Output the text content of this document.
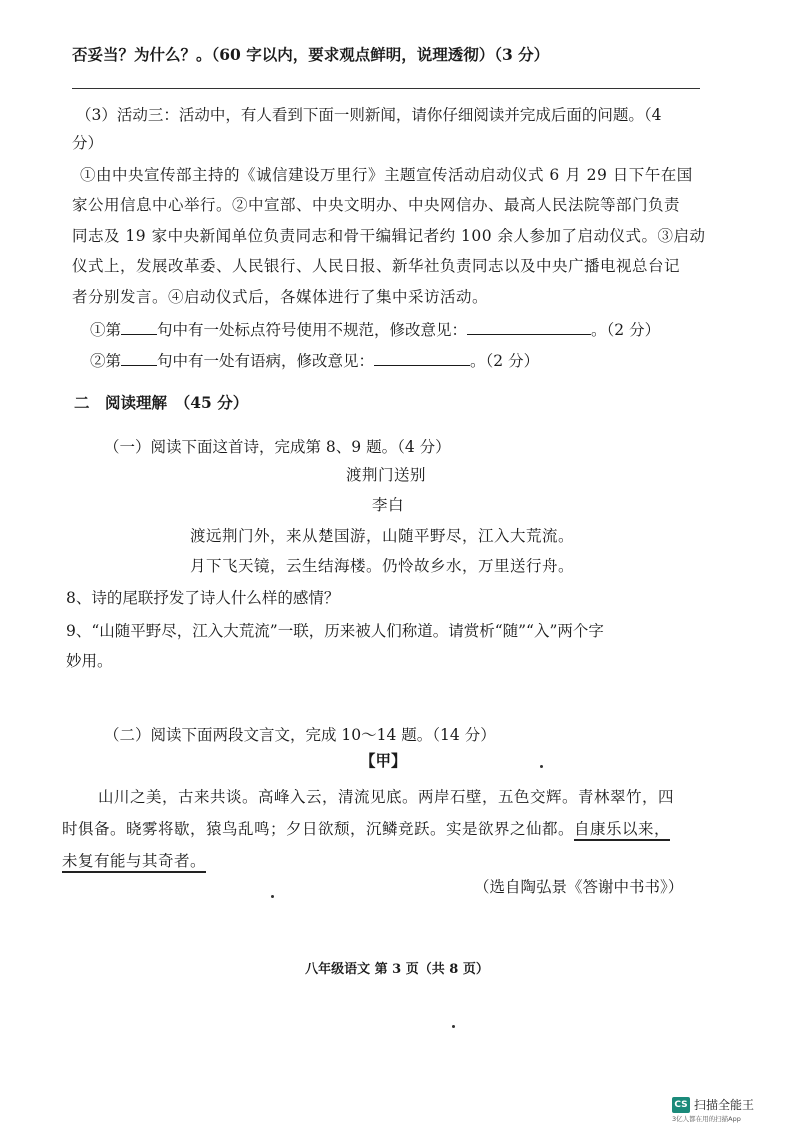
否妥当？为什么？。（60 字以内，要求观点鲜明，说理透彻）（3 分）
（3）活动三：活动中，有人看到下面一则新闻，请你仔细阅读并完成后面的问题。（4
分）
①由中央宣传部主持的《诚信建设万里行》主题宣传活动启动仪式 6 月 29 日下午在国
家公用信息中心举行。②中宣部、中央文明办、中央网信办、最高人民法院等部门负责
同志及 19 家中央新闻单位负责同志和骨干编辑记者约 100 余人参加了启动仪式。③启动
仪式上，发展改革委、人民银行、人民日报、新华社负责同志以及中央广播电视总台记
者分别发言。④启动仪式后，各媒体进行了集中采访活动。
①第 句中有一处标点符号使用不规范，修改意见：	。（2 分）
②第 句中有一处有语病，修改意见：	。（2 分）
二　阅读理解　（45 分）
（一）阅读下面这首诗，完成第 8、9 题。（4 分）
渡荆门送别
李白
渡远荆门外，来从楚国游，山随平野尽，江入大荒流。
月下飞天镜，云生结海楼。仍怜故乡水，万里送行舟。
8、诗的尾联抒发了诗人什么样的感情？
9、“山随平野尽，江入大荒流”一联，历来被人们称道。请赏析“随”“入”两个字
妙用。
（二）阅读下面两段文言文，完成 10～14 题。（14 分）
【甲】
山川之美，古来共谈。高峰入云，清流见底。两岸石壁，五色交辉。青林翠竹，四
时俱备。晓雾将歇，猿鸟乱鸣；夕日欲颓，沉鳞竞跃。实是欲界之仙都。自康乐以来，
未复有能与其奇者。
（选自陶弘景《答谢中书书》）
八年级语文 第 3 页（共 8 页）
CS 扫描全能王
3亿人都在用的扫描App
